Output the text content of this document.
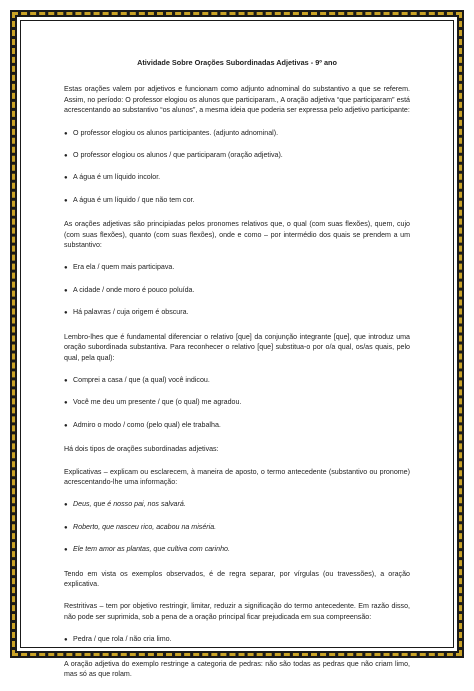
Atividade Sobre Orações Subordinadas Adjetivas - 9º ano

Estas orações valem por adjetivos e funcionam como adjunto adnominal do substantivo a que se referem. Assim, no período: O professor elogiou os alunos que participaram., A oração adjetiva “que participaram” está acrescentando ao substantivo “os alunos”, a mesma ideia que poderia ser expressa pelo adjetivo participante:

● O professor elogiou os alunos participantes. (adjunto adnominal).
● O professor elogiou os alunos / que participaram (oração adjetiva).
● A água é um líquido incolor.
● A água é um líquido / que não tem cor.

As orações adjetivas são principiadas pelos pronomes relativos que, o qual (com suas flexões), quem, cujo (com suas flexões), quanto (com suas flexões), onde e como – por intermédio dos quais se prendem a um substantivo:

● Era ela / quem mais participava.
● A cidade / onde moro é pouco poluída.
● Há palavras / cuja origem é obscura.

Lembro-lhes que é fundamental diferenciar o relativo [que] da conjunção integrante [que], que introduz uma oração subordinada substantiva. Para reconhecer o relativo [que] substitua-o por o/a qual, os/as quais, pelo qual, pela qual):

● Comprei a casa / que (a qual) você indicou.
● Você me deu um presente / que (o qual) me agradou.
● Admiro o modo / como (pelo qual) ele trabalha.

Há dois tipos de orações subordinadas adjetivas:

Explicativas – explicam ou esclarecem, à maneira de aposto, o termo antecedente (substantivo ou pronome) acrescentando-lhe uma informação:

● Deus, que é nosso pai, nos salvará.
● Roberto, que nasceu rico, acabou na miséria.
● Ele tem amor as plantas, que cultiva com carinho.

Tendo em vista os exemplos observados, é de regra separar, por vírgulas (ou travessões), a oração explicativa.

Restritivas – tem por objetivo restringir, limitar, reduzir a significação do termo antecedente. Em razão disso, não pode ser suprimida, sob a pena de a oração principal ficar prejudicada em sua compreensão:

● Pedra / que rola / não cria limo.

A oração adjetiva do exemplo restringe a categoria de pedras: não são todas as pedras que não criam limo, mas só as que rolam.
